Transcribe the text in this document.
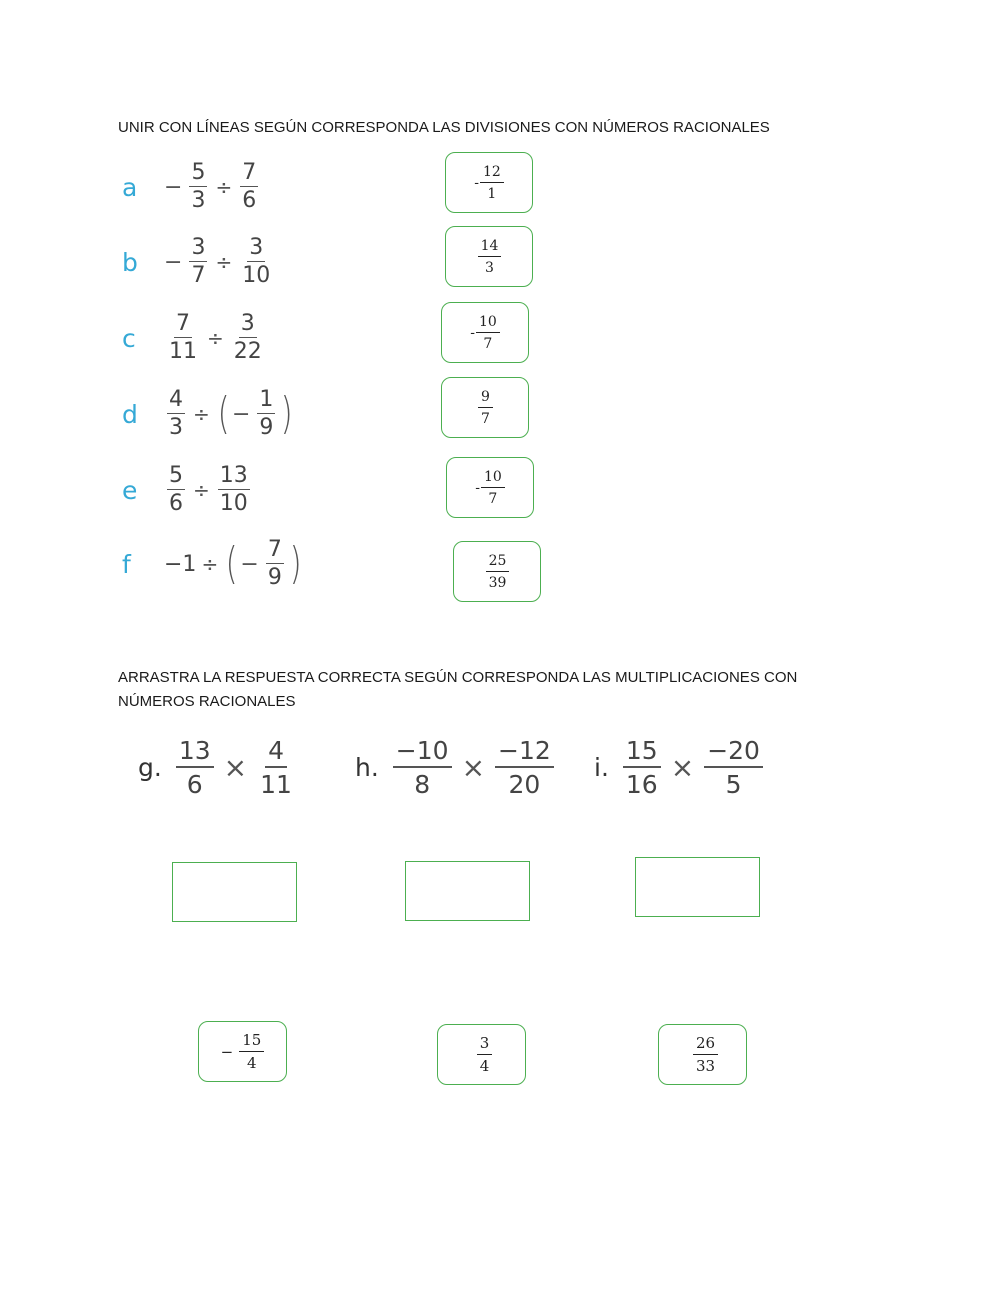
UNIR CON LÍNEAS SEGÚN CORRESPONDA LAS DIVISIONES CON NÚMEROS RACIONALES
a	− $\frac{5}{3} \div \frac{7}{6}$
b	− $\frac{3}{7} \div \frac{3}{10}$
c	$\frac{7}{11} \div \frac{3}{22}$
d	$\frac{4}{3}$ ÷ ( − $\frac{1}{9}$ )
e	$\frac{5}{6} \div \frac{13}{10}$
f	−1 ÷ ( − $\frac{7}{9}$ )
- $\frac{12}{1}$
$\frac{14}{3}$
- $\frac{10}{7}$
$\frac{9}{7}$
- $\frac{10}{7}$
$\frac{25}{39}$
ARRASTRA LA RESPUESTA CORRECTA SEGÚN CORRESPONDA LAS MULTIPLICACIONES CON NÚMEROS RACIONALES
g. $\frac{13}{6} \times \frac{4}{11} h$. $\frac{-10}{8} \times \frac{-12}{20} i$. $\frac{15}{16} \times \frac{-20}{5}$
− $\frac{15}{4}$	$\frac{3}{4}$	$\frac{26}{33}$
